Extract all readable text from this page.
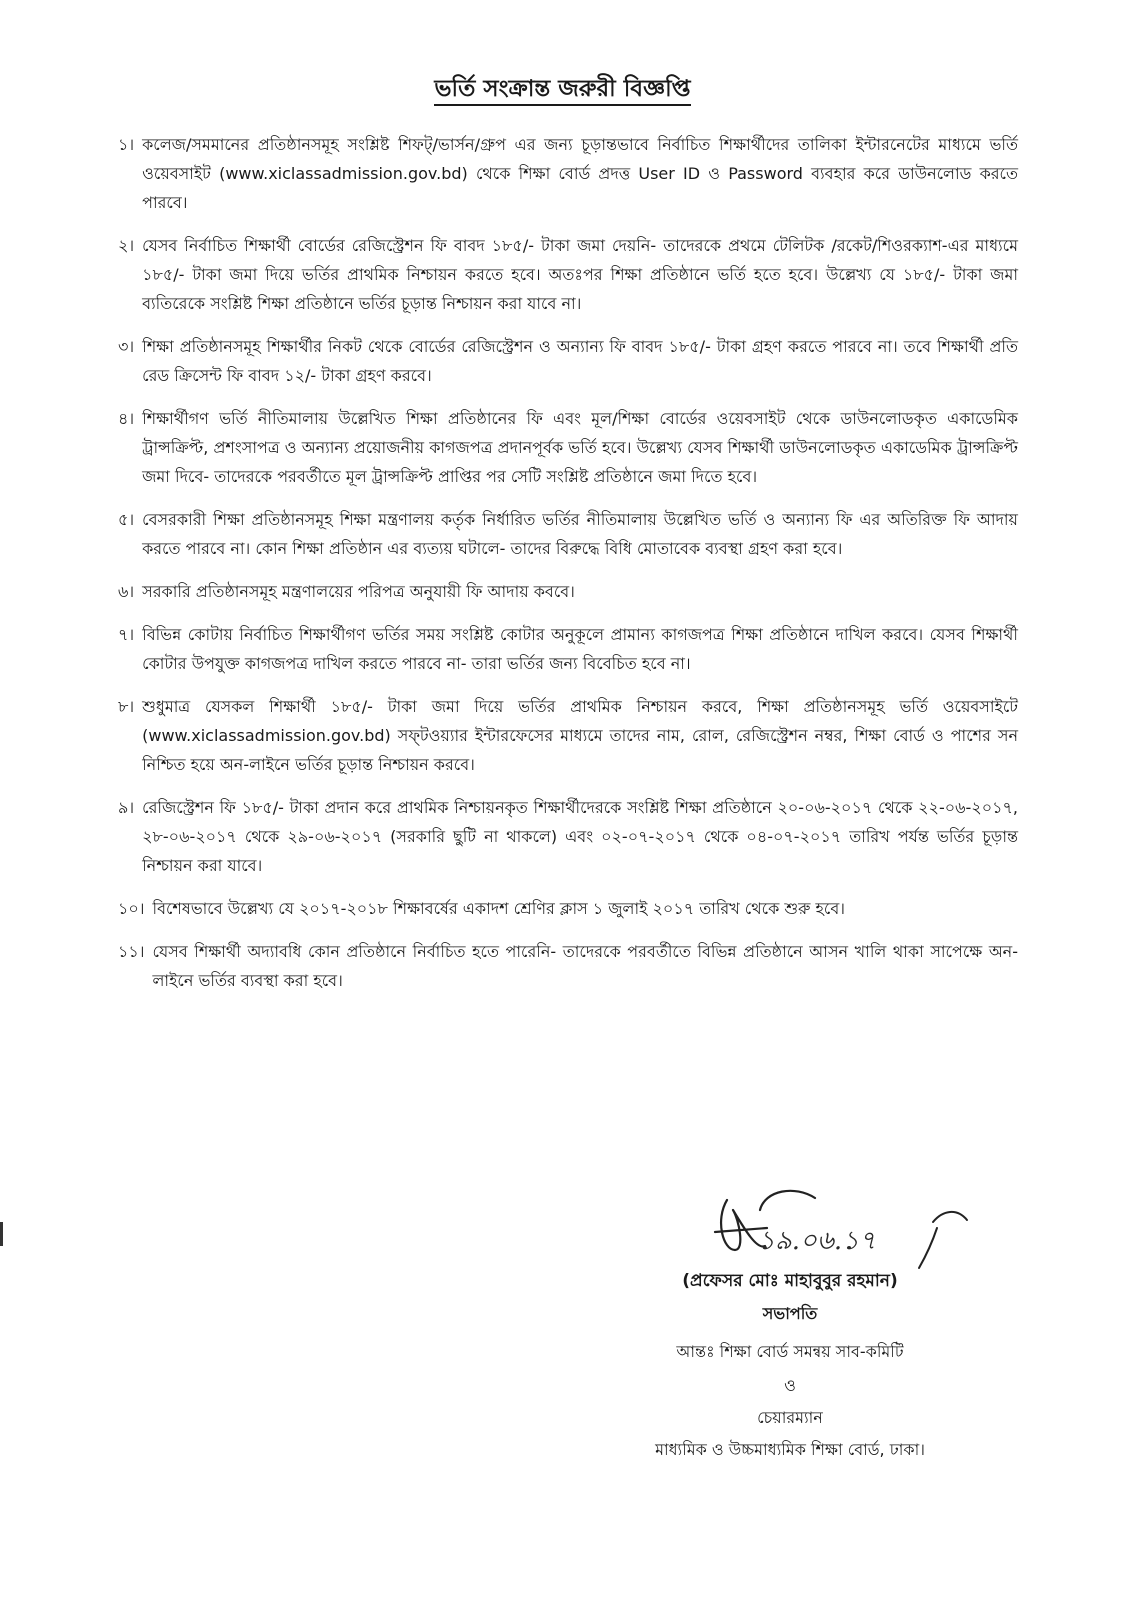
ভর্তি সংক্রান্ত জরুরী বিজ্ঞপ্তি
১। কলেজ/সমমানের প্রতিষ্ঠানসমূহ সংশ্লিষ্ট শিফট্/ভার্সন/গ্রুপ এর জন্য চূড়ান্তভাবে নির্বাচিত শিক্ষার্থীদের তালিকা ইন্টারনেটের মাধ্যমে ভর্তি ওয়েবসাইট (www.xiclassadmission.gov.bd) থেকে শিক্ষা বোর্ড প্রদত্ত User ID ও Password ব্যবহার করে ডাউনলোড করতে পারবে।
২। যেসব নির্বাচিত শিক্ষার্থী বোর্ডের রেজিস্ট্রেশন ফি বাবদ ১৮৫/- টাকা জমা দেয়নি- তাদেরকে প্রথমে টেলিটক /রকেট/শিওরক্যাশ-এর মাধ্যমে ১৮৫/- টাকা জমা দিয়ে ভর্তির প্রাথমিক নিশ্চায়ন করতে হবে। অতঃপর শিক্ষা প্রতিষ্ঠানে ভর্তি হতে হবে। উল্লেখ্য যে ১৮৫/- টাকা জমা ব্যতিরেকে সংশ্লিষ্ট শিক্ষা প্রতিষ্ঠানে ভর্তির চূড়ান্ত নিশ্চায়ন করা যাবে না।
৩। শিক্ষা প্রতিষ্ঠানসমূহ শিক্ষার্থীর নিকট থেকে বোর্ডের রেজিস্ট্রেশন ও অন্যান্য ফি বাবদ ১৮৫/- টাকা গ্রহণ করতে পারবে না। তবে শিক্ষার্থী প্রতি রেড ক্রিসেন্ট ফি বাবদ ১২/- টাকা গ্রহণ করবে।
৪। শিক্ষার্থীগণ ভর্তি নীতিমালায় উল্লেখিত শিক্ষা প্রতিষ্ঠানের ফি এবং মূল/শিক্ষা বোর্ডের ওয়েবসাইট থেকে ডাউনলোডকৃত একাডেমিক ট্রান্সক্রিপ্ট, প্রশংসাপত্র ও অন্যান্য প্রয়োজনীয় কাগজপত্র প্রদানপূর্বক ভর্তি হবে। উল্লেখ্য যেসব শিক্ষার্থী ডাউনলোডকৃত একাডেমিক ট্রান্সক্রিপ্ট জমা দিবে- তাদেরকে পরবর্তীতে মূল ট্রান্সক্রিপ্ট প্রাপ্তির পর সেটি সংশ্লিষ্ট প্রতিষ্ঠানে জমা দিতে হবে।
৫। বেসরকারী শিক্ষা প্রতিষ্ঠানসমূহ শিক্ষা মন্ত্রণালয় কর্তৃক নির্ধারিত ভর্তির নীতিমালায় উল্লেখিত ভর্তি ও অন্যান্য ফি এর অতিরিক্ত ফি আদায় করতে পারবে না। কোন শিক্ষা প্রতিষ্ঠান এর ব্যত্যয় ঘটালে- তাদের বিরুদ্ধে বিধি মোতাবেক ব্যবস্থা গ্রহণ করা হবে।
৬। সরকারি প্রতিষ্ঠানসমূহ মন্ত্রণালয়ের পরিপত্র অনুযায়ী ফি আদায় কববে।
৭। বিভিন্ন কোটায় নির্বাচিত শিক্ষার্থীগণ ভর্তির সময় সংশ্লিষ্ট কোটার অনুকূলে প্রামান্য কাগজপত্র শিক্ষা প্রতিষ্ঠানে দাখিল করবে। যেসব শিক্ষার্থী কোটার উপযুক্ত কাগজপত্র দাখিল করতে পারবে না- তারা ভর্তির জন্য বিবেচিত হবে না।
৮। শুধুমাত্র যেসকল শিক্ষার্থী ১৮৫/- টাকা জমা দিয়ে ভর্তির প্রাথমিক নিশ্চায়ন করবে, শিক্ষা প্রতিষ্ঠানসমূহ ভর্তি ওয়েবসাইটে (www.xiclassadmission.gov.bd) সফ্‌টওয়্যার ইন্টারফেসের মাধ্যমে তাদের নাম, রোল, রেজিস্ট্রেশন নম্বর, শিক্ষা বোর্ড ও পাশের সন নিশ্চিত হয়ে অন-লাইনে ভর্তির চূড়ান্ত নিশ্চায়ন করবে।
৯। রেজিস্ট্রেশন ফি ১৮৫/- টাকা প্রদান করে প্রাথমিক নিশ্চায়নকৃত শিক্ষার্থীদেরকে সংশ্লিষ্ট শিক্ষা প্রতিষ্ঠানে ২০-০৬-২০১৭ থেকে ২২-০৬-২০১৭, ২৮-০৬-২০১৭ থেকে ২৯-০৬-২০১৭ (সরকারি ছুটি না থাকলে) এবং ০২-০৭-২০১৭ থেকে ০৪-০৭-২০১৭ তারিখ পর্যন্ত ভর্তির চূড়ান্ত নিশ্চায়ন করা যাবে।
১০। বিশেষভাবে উল্লেখ্য যে ২০১৭-২০১৮ শিক্ষাবর্ষের একাদশ শ্রেণির ক্লাস ১ জুলাই ২০১৭ তারিখ থেকে শুরু হবে।
১১। যেসব শিক্ষার্থী অদ্যাবধি কোন প্রতিষ্ঠানে নির্বাচিত হতে পারেনি- তাদেরকে পরবর্তীতে বিভিন্ন প্রতিষ্ঠানে আসন খালি থাকা সাপেক্ষে অন-লাইনে ভর্তির ব্যবস্থা করা হবে।
১৯.০৬.১৭
(প্রফেসর মোঃ মাহাবুবুর রহমান)
সভাপতি
আন্তঃ শিক্ষা বোর্ড সমন্বয় সাব-কমিটি
ও
চেয়ারম্যান
মাধ্যমিক ও উচ্চমাধ্যমিক শিক্ষা বোর্ড, ঢাকা।
